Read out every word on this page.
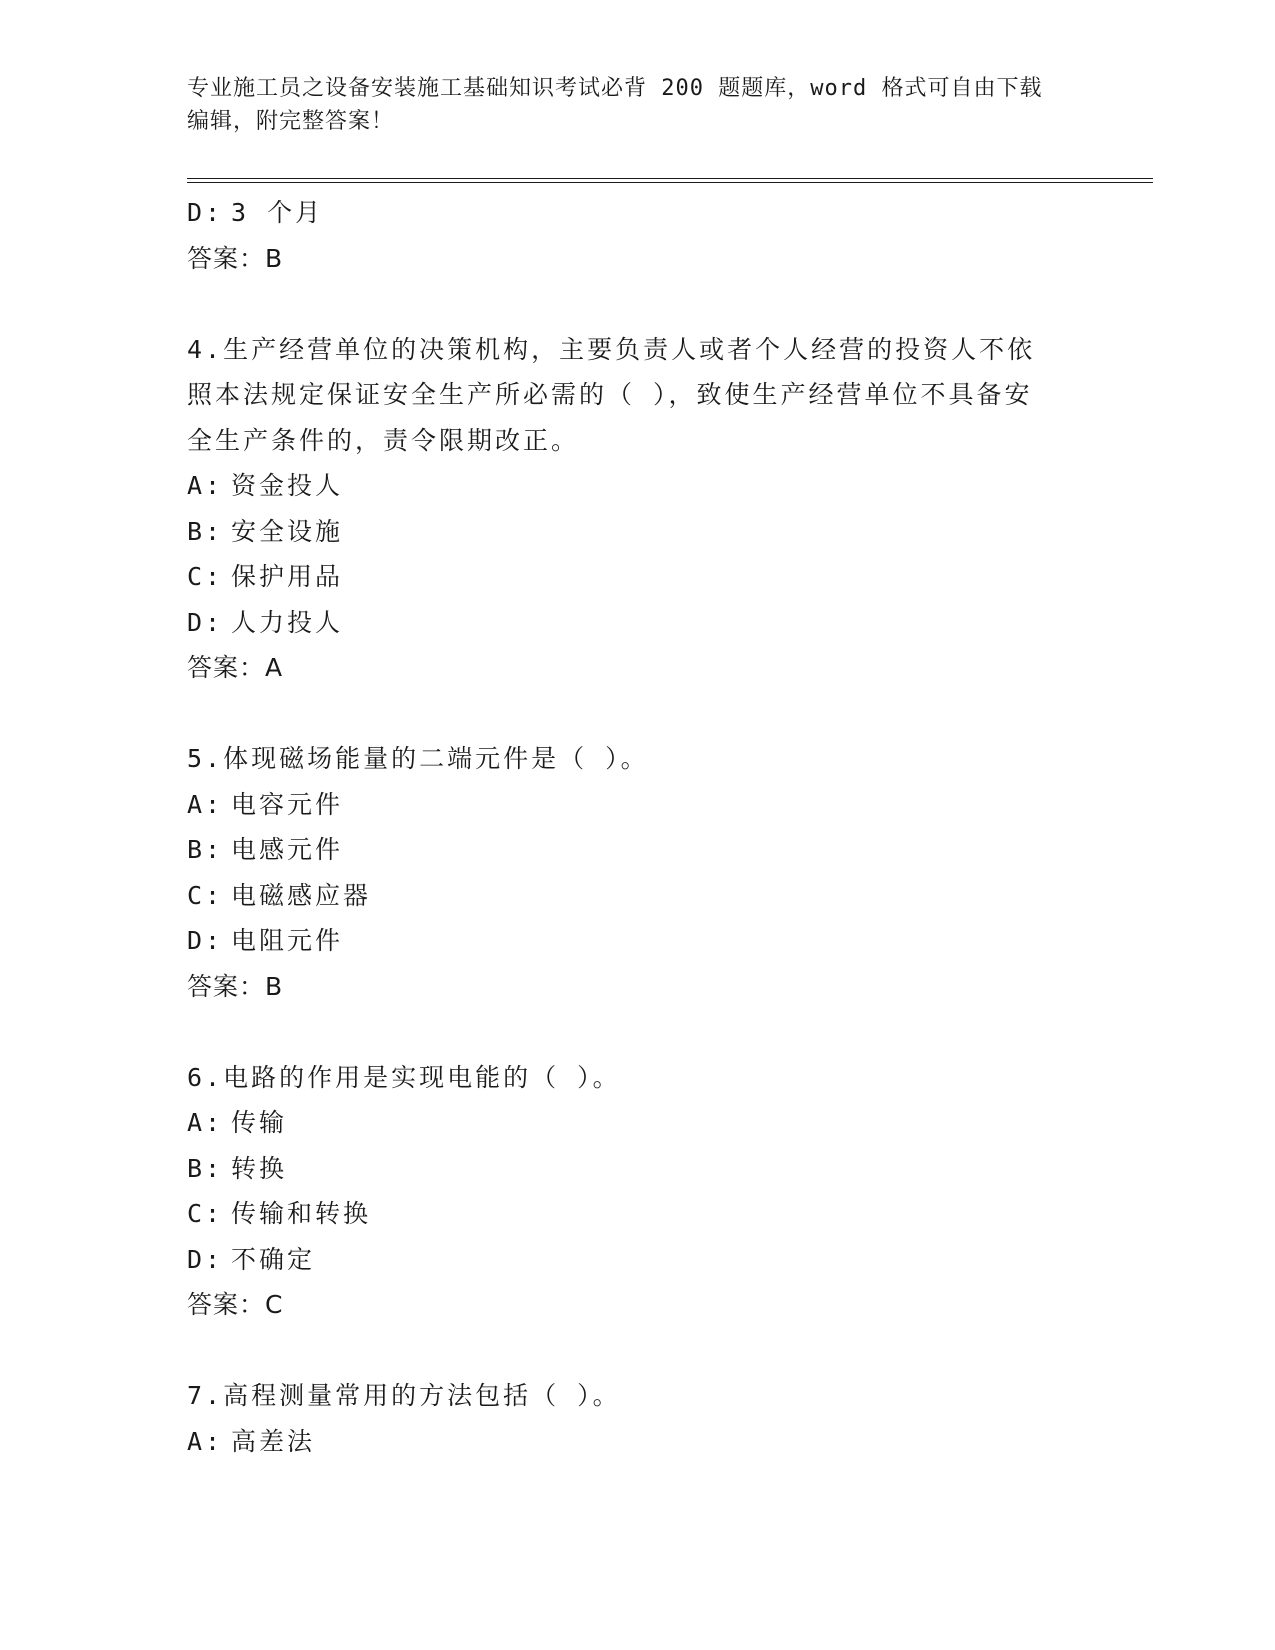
专业施工员之设备安装施工基础知识考试必背 200 题题库，word 格式可自由下载
编辑，附完整答案！
D: 3 个月
答案：B
4.生产经营单位的决策机构，主要负责人或者个人经营的投资人不依
照本法规定保证安全生产所必需的（ ），致使生产经营单位不具备安
全生产条件的，责令限期改正。
A: 资金投人
B: 安全设施
C: 保护用品
D: 人力投人
答案：A
5.体现磁场能量的二端元件是（ ）。
A: 电容元件
B: 电感元件
C: 电磁感应器
D: 电阻元件
答案：B
6.电路的作用是实现电能的（ ）。
A: 传输
B: 转换
C: 传输和转换
D: 不确定
答案：C
7.高程测量常用的方法包括（ ）。
A: 高差法
